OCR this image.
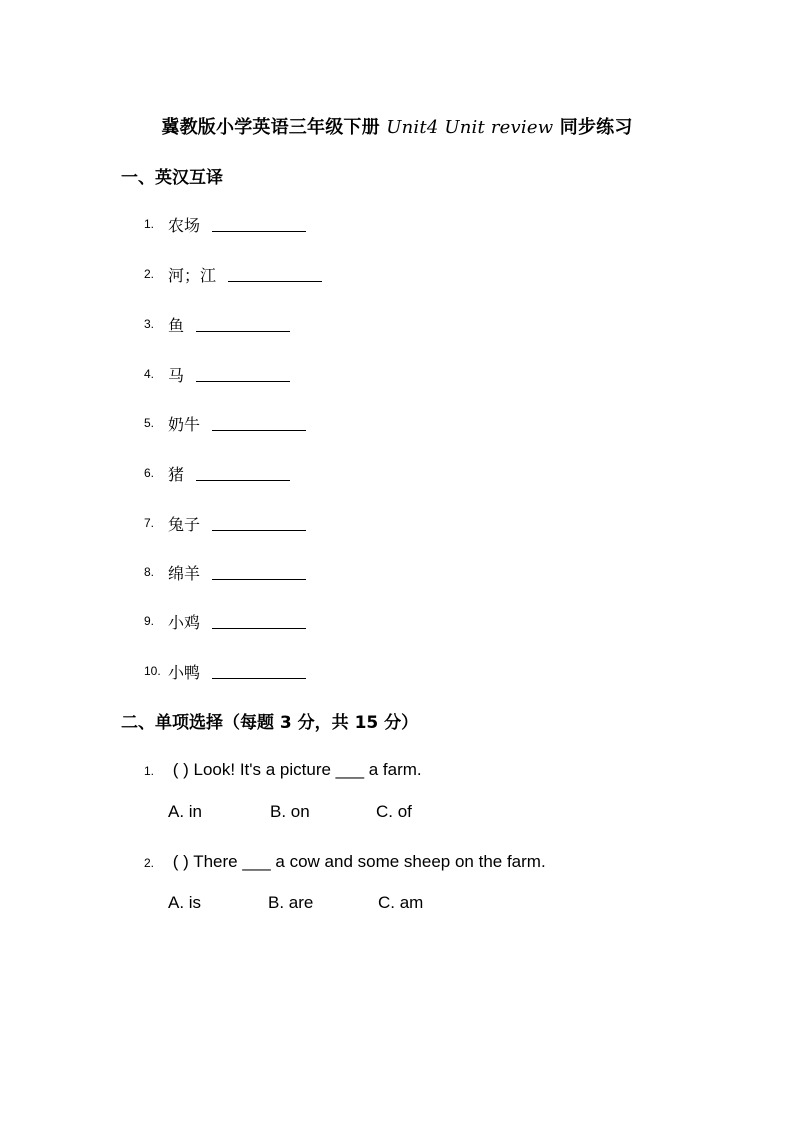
冀教版小学英语三年级下册 Unit4 Unit review 同步练习
一、英汉互译
1. 农场
2. 河；江
3. 鱼
4. 马
5. 奶牛
6. 猪
7. 兔子
8. 绵羊
9. 小鸡
10. 小鸭
二、单项选择（每题 3 分，共 15 分）
1. ( ) Look! It's a picture ___ a farm.
A. in	B. on	C. of
2. ( ) There ___ a cow and some sheep on the farm.
A. is	B. are	C. am
